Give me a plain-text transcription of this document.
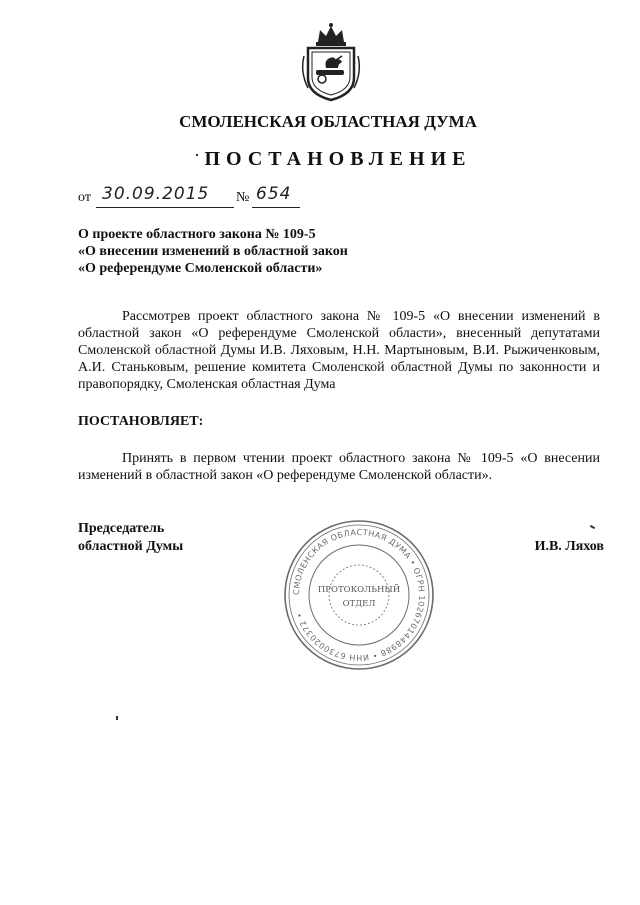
СМОЛЕНСКАЯ ОБЛАСТНАЯ ДУМА
ПОСТАНОВЛЕНИЕ
от 30.09.2015 № 654
О проекте областного закона № 109-5
«О внесении изменений в областной закон
«О референдуме Смоленской области»
Рассмотрев проект областного закона № 109-5 «О внесении изменений в областной закон «О референдуме Смоленской области», внесенный депутатами Смоленской областной Думы И.В. Ляховым, Н.Н. Мартыновым, В.И. Рыжиченковым, А.И. Станьковым, решение комитета Смоленской областной Думы по законности и правопорядку, Смоленская областная Дума
ПОСТАНОВЛЯЕТ:
Принять в первом чтении проект областного закона № 109-5 «О внесении изменений в областной закон «О референдуме Смоленской области».
Председатель
областной Думы	И.В. Ляхов
СМОЛЕНСКАЯ ОБЛАСТНАЯ ДУМА • ОГРН 1026701448988 • ИНН 6730020372 •
ПРОТОКОЛЬНЫЙ
ОТДЕЛ
